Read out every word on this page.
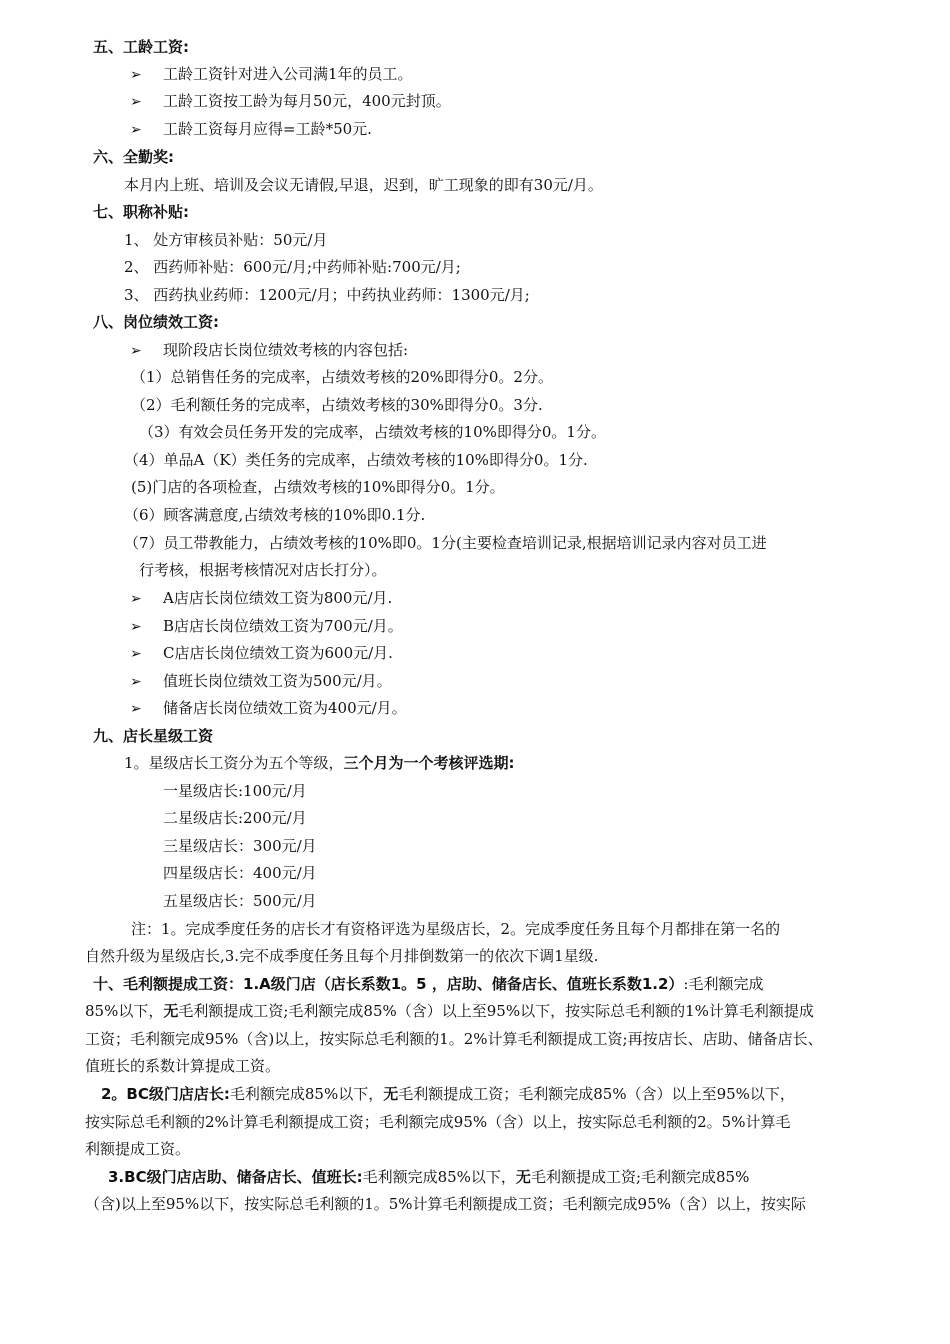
五、工龄工资:
➢ 工龄工资针对进入公司满1年的员工。
➢ 工龄工资按工龄为每月50元，400元封顶。
➢ 工龄工资每月应得=工龄*50元.
六、全勤奖:
本月内上班、培训及会议无请假,早退，迟到，旷工现象的即有30元/月。
七、职称补贴:
1、 处方审核员补贴：50元/月
2、 西药师补贴：600元/月;中药师补贴:700元/月;
3、 西药执业药师：1200元/月；中药执业药师：1300元/月;
八、岗位绩效工资:
➢ 现阶段店长岗位绩效考核的内容包括:
（1）总销售任务的完成率，占绩效考核的20%即得分0。2分。
（2）毛利额任务的完成率，占绩效考核的30%即得分0。3分.
（3）有效会员任务开发的完成率，占绩效考核的10%即得分0。1分。
（4）单品A（K）类任务的完成率，占绩效考核的10%即得分0。1分.
(5)门店的各项检查，占绩效考核的10%即得分0。1分。
（6）顾客满意度,占绩效考核的10%即0.1分.
（7）员工带教能力，占绩效考核的10%即0。1分(主要检查培训记录,根据培训记录内容对员工进
行考核，根据考核情况对店长打分）。
➢ A店店长岗位绩效工资为800元/月.
➢ B店店长岗位绩效工资为700元/月。
➢ C店店长岗位绩效工资为600元/月.
➢ 值班长岗位绩效工资为500元/月。
➢ 储备店长岗位绩效工资为400元/月。
九、店长星级工资
1。星级店长工资分为五个等级，三个月为一个考核评选期:
一星级店长:100元/月
二星级店长:200元/月
三星级店长：300元/月
四星级店长：400元/月
五星级店长：500元/月
注：1。完成季度任务的店长才有资格评选为星级店长，2。完成季度任务且每个月都排在第一名的
自然升级为星级店长,3.完不成季度任务且每个月排倒数第一的依次下调1星级.
十、毛利额提成工资：1.A级门店（店长系数1。5 ，店助、储备店长、值班长系数1.2）:毛利额完成
85%以下，无毛利额提成工资;毛利额完成85%（含）以上至95%以下，按实际总毛利额的1%计算毛利额提成
工资；毛利额完成95%（含)以上，按实际总毛利额的1。2%计算毛利额提成工资;再按店长、店助、储备店长、
值班长的系数计算提成工资。
2。BC级门店店长:毛利额完成85%以下，无毛利额提成工资；毛利额完成85%（含）以上至95%以下，
按实际总毛利额的2%计算毛利额提成工资；毛利额完成95%（含）以上，按实际总毛利额的2。5%计算毛
利额提成工资。
3.BC级门店店助、储备店长、值班长:毛利额完成85%以下，无毛利额提成工资;毛利额完成85%
（含)以上至95%以下，按实际总毛利额的1。5%计算毛利额提成工资；毛利额完成95%（含）以上，按实际
